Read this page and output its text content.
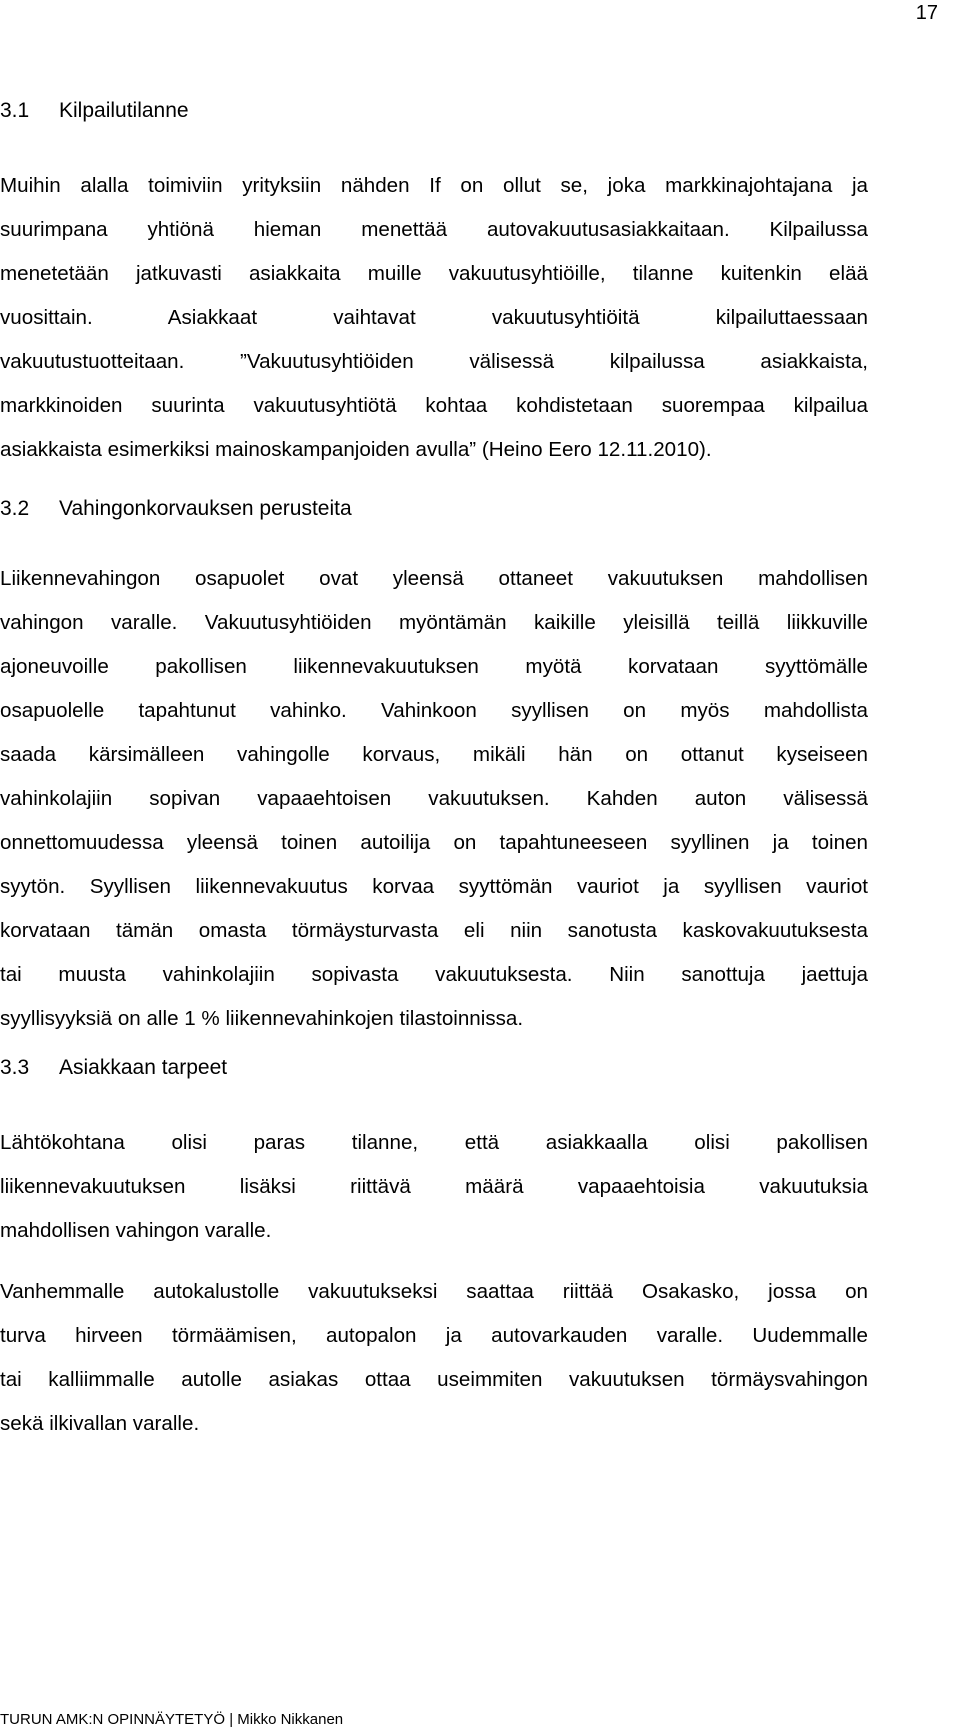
17
3.1 Kilpailutilanne
Muihin alalla toimiviin yrityksiin nähden If on ollut se, joka markkinajohtajana ja
suurimpana yhtiönä hieman menettää autovakuutusasiakkaitaan. Kilpailussa
menetetään jatkuvasti asiakkaita muille vakuutusyhtiöille, tilanne kuitenkin elää
vuosittain. Asiakkaat vaihtavat vakuutusyhtiöitä kilpailuttaessaan
vakuutustuotteitaan. ”Vakuutusyhtiöiden välisessä kilpailussa asiakkaista,
markkinoiden suurinta vakuutusyhtiötä kohtaa kohdistetaan suorempaa kilpailua
asiakkaista esimerkiksi mainoskampanjoiden avulla” (Heino Eero 12.11.2010).
3.2 Vahingonkorvauksen perusteita
Liikennevahingon osapuolet ovat yleensä ottaneet vakuutuksen mahdollisen
vahingon varalle. Vakuutusyhtiöiden myöntämän kaikille yleisillä teillä liikkuville
ajoneuvoille pakollisen liikennevakuutuksen myötä korvataan syyttömälle
osapuolelle tapahtunut vahinko. Vahinkoon syyllisen on myös mahdollista
saada kärsimälleen vahingolle korvaus, mikäli hän on ottanut kyseiseen
vahinkolajiin sopivan vapaaehtoisen vakuutuksen. Kahden auton välisessä
onnettomuudessa yleensä toinen autoilija on tapahtuneeseen syyllinen ja toinen
syytön. Syyllisen liikennevakuutus korvaa syyttömän vauriot ja syyllisen vauriot
korvataan tämän omasta törmäysturvasta eli niin sanotusta kaskovakuutuksesta
tai muusta vahinkolajiin sopivasta vakuutuksesta. Niin sanottuja jaettuja
syyllisyyksiä on alle 1 % liikennevahinkojen tilastoinnissa.
3.3 Asiakkaan tarpeet
Lähtökohtana olisi paras tilanne, että asiakkaalla olisi pakollisen
liikennevakuutuksen lisäksi riittävä määrä vapaaehtoisia vakuutuksia
mahdollisen vahingon varalle.
Vanhemmalle autokalustolle vakuutukseksi saattaa riittää Osakasko, jossa on
turva hirveen törmäämisen, autopalon ja autovarkauden varalle. Uudemmalle
tai kalliimmalle autolle asiakas ottaa useimmiten vakuutuksen törmäysvahingon
sekä ilkivallan varalle.
TURUN AMK:N OPINNÄYTETYÖ | Mikko Nikkanen
